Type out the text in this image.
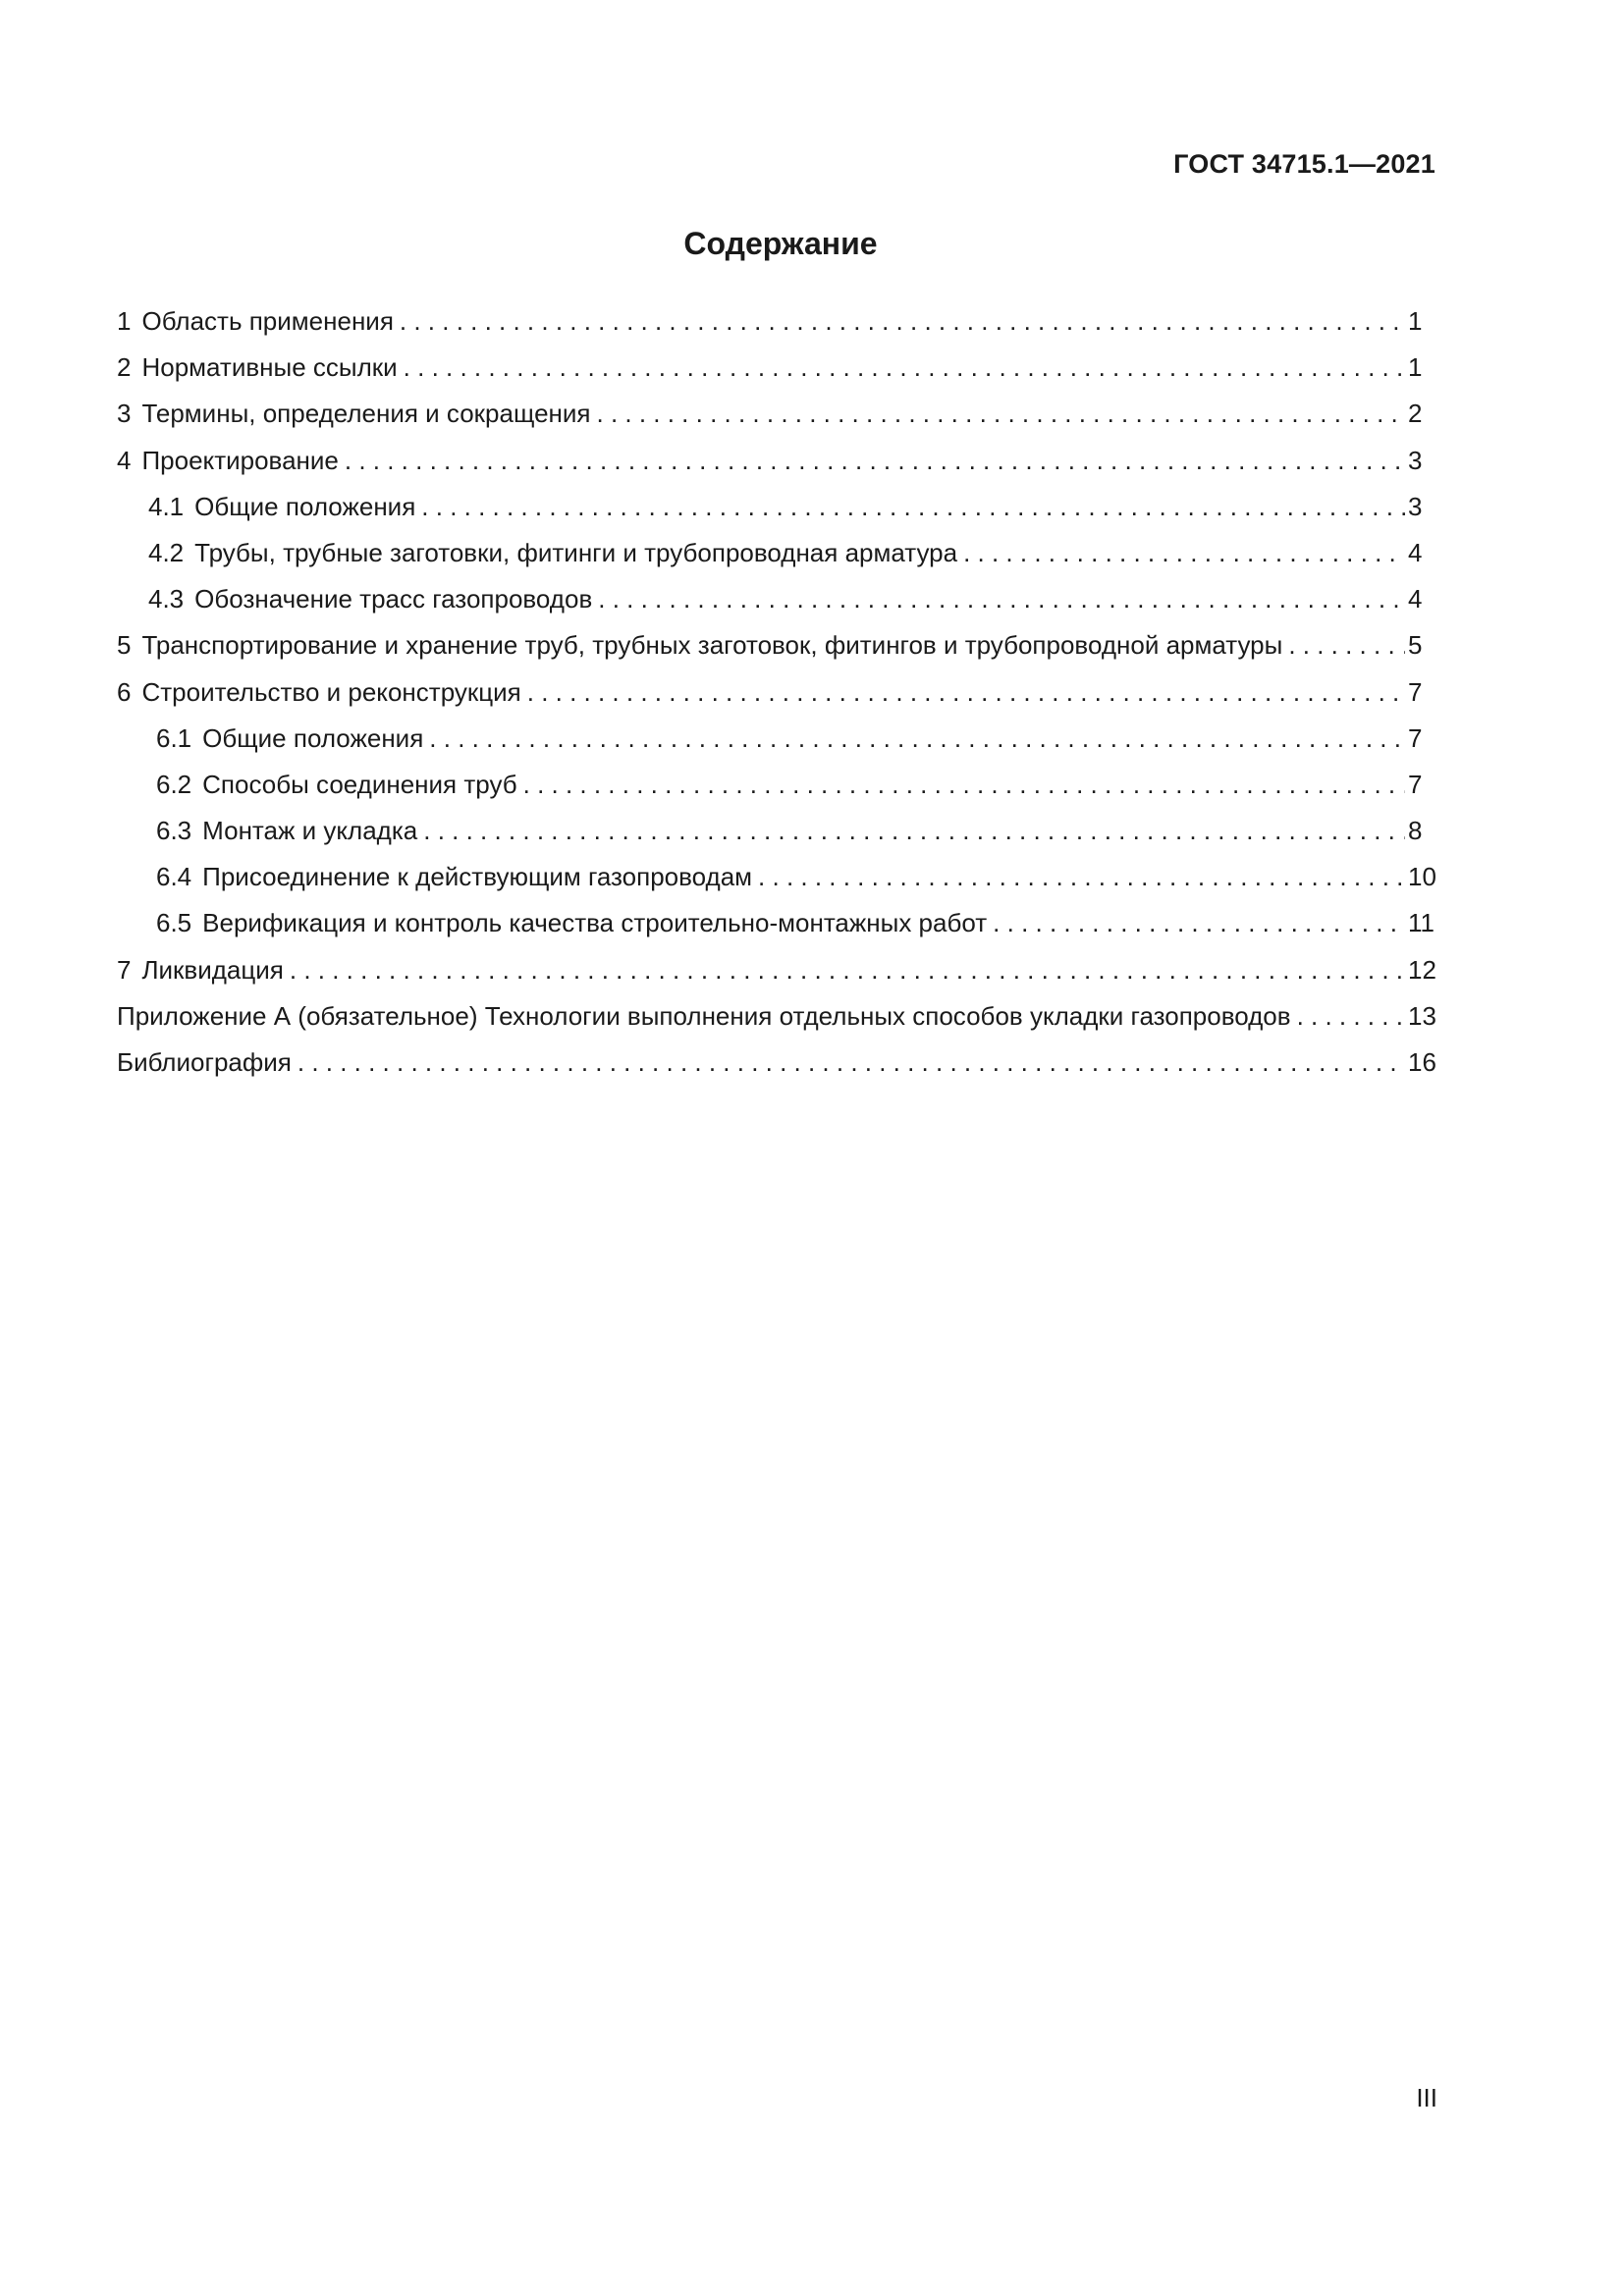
ГОСТ 34715.1—2021

Содержание
1 Область применения . . .	1
2 Нормативные ссылки . . .	1
3 Термины, определения и сокращения . . .	2
4 Проектирование . . .	3
4.1 Общие положения . . .	3
4.2 Трубы, трубные заготовки, фитинги и трубопроводная арматура . . .	4
4.3 Обозначение трасс газопроводов . . .	4
5 Транспортирование и хранение труб, трубных заготовок, фитингов и трубопроводной арматуры . . .	5
6 Строительство и реконструкция . . .	7
6.1 Общие положения . . .	7
6.2 Способы соединения труб . . .	7
6.3 Монтаж и укладка . . .	8
6.4 Присоединение к действующим газопроводам . . .	10
6.5 Верификация и контроль качества строительно-монтажных работ . . .	11
7 Ликвидация . . .	12
Приложение А (обязательное) Технологии выполнения отдельных способов укладки газопроводов . . .	13
Библиография . . .	16

III
